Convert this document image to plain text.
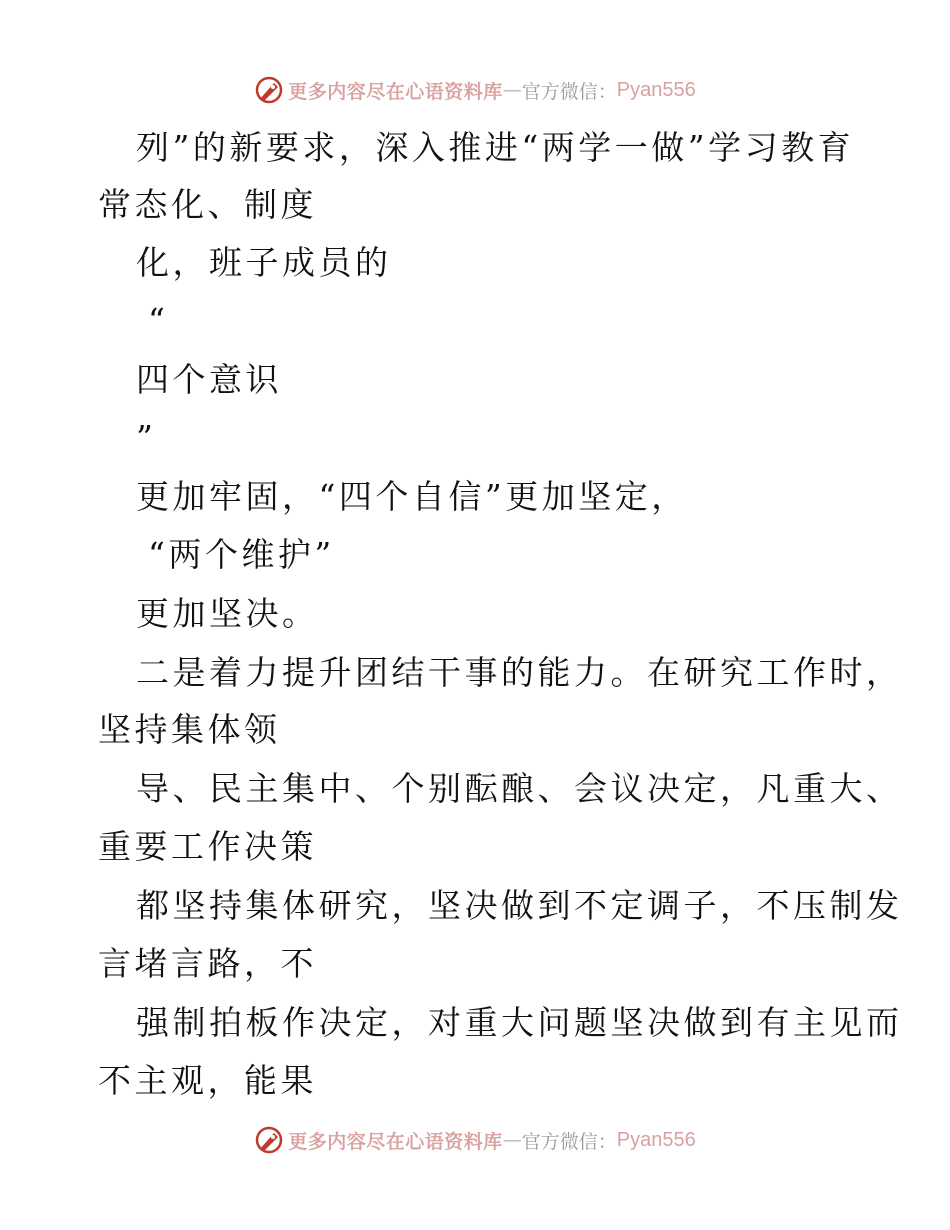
更多内容尽在心语资料库 — 官方微信： Pyan556
列”的新要求，深入推进“两学一做”学习教育
常态化、制度
化，班子成员的
“
四个意识
”
更加牢固，“四个自信”更加坚定，
“两个维护”
更加坚决。
二是着力提升团结干事的能力。在研究工作时，
坚持集体领
导、民主集中、个别酝酿、会议决定，凡重大、
重要工作决策
都坚持集体研究，坚决做到不定调子，不压制发
言堵言路，不
强制拍板作决定，对重大问题坚决做到有主见而
不主观，能果
更多内容尽在心语资料库 — 官方微信： Pyan556
